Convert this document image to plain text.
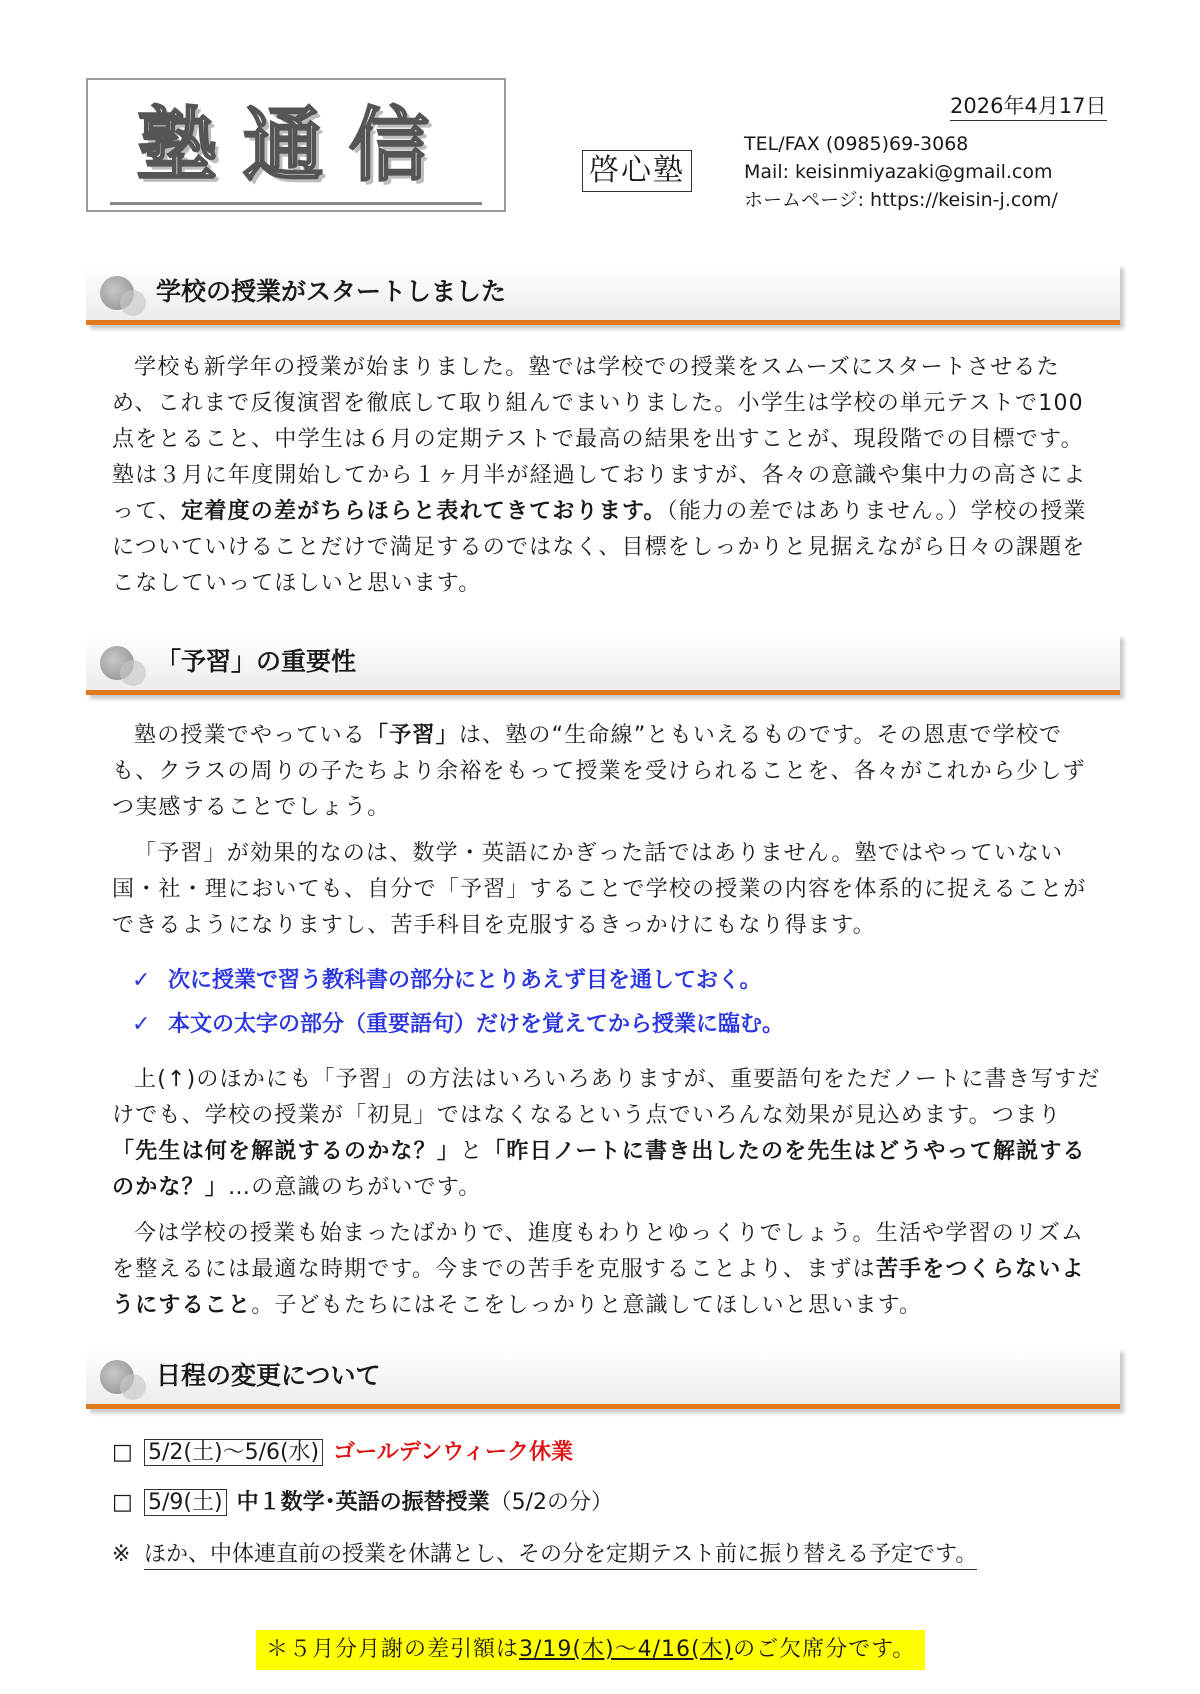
塾通信	啓心塾
2026年4月17日
TEL/FAX (0985)69-3068
Mail: keisinmiyazaki@gmail.com
ホームページ: https://keisin-j.com/
学校の授業がスタートしました

学校も新学年の授業が始まりました。塾では学校での授業をスムーズにスタートさせるため、これまで反復演習を徹底して取り組んでまいりました。小学生は学校の単元テストで100点をとること、中学生は６月の定期テストで最高の結果を出すことが、現段階での目標です。塾は３月に年度開始してから１ヶ月半が経過しておりますが、各々の意識や集中力の高さによって、定着度の差がちらほらと表れてきております。（能力の差ではありません。）学校の授業についていけることだけで満足するのではなく、目標をしっかりと見据えながら日々の課題をこなしていってほしいと思います。

「予習」の重要性

塾の授業でやっている「予習」は、塾の“生命線”ともいえるものです。その恩恵で学校でも、クラスの周りの子たちより余裕をもって授業を受けられることを、各々がこれから少しずつ実感することでしょう。

「予習」が効果的なのは、数学・英語にかぎった話ではありません。塾ではやっていない国・社・理においても、自分で「予習」することで学校の授業の内容を体系的に捉えることができるようになりますし、苦手科目を克服するきっかけにもなり得ます。

✓ 次に授業で習う教科書の部分にとりあえず目を通しておく。
✓ 本文の太字の部分（重要語句）だけを覚えてから授業に臨む。

上(↑)のほかにも「予習」の方法はいろいろありますが、重要語句をただノートに書き写すだけでも、学校の授業が「初見」ではなくなるという点でいろんな効果が見込めます。つまり「先生は何を解説するのかな？」と「昨日ノートに書き出したのを先生はどうやって解説するのかな？」…の意識のちがいです。

今は学校の授業も始まったばかりで、進度もわりとゆっくりでしょう。生活や学習のリズムを整えるには最適な時期です。今までの苦手を克服することより、まずは苦手をつくらないようにすること。子どもたちにはそこをしっかりと意識してほしいと思います。

日程の変更について
□ 5/2(土)〜5/6(水) ゴールデンウィーク休業
□ 5/9(土) 中１数学･英語の振替授業（5/2の分）
※ ほか、中体連直前の授業を休講とし、その分を定期テスト前に振り替える予定です。
＊５月分月謝の差引額は3/19(木)〜4/16(木)のご欠席分です。
